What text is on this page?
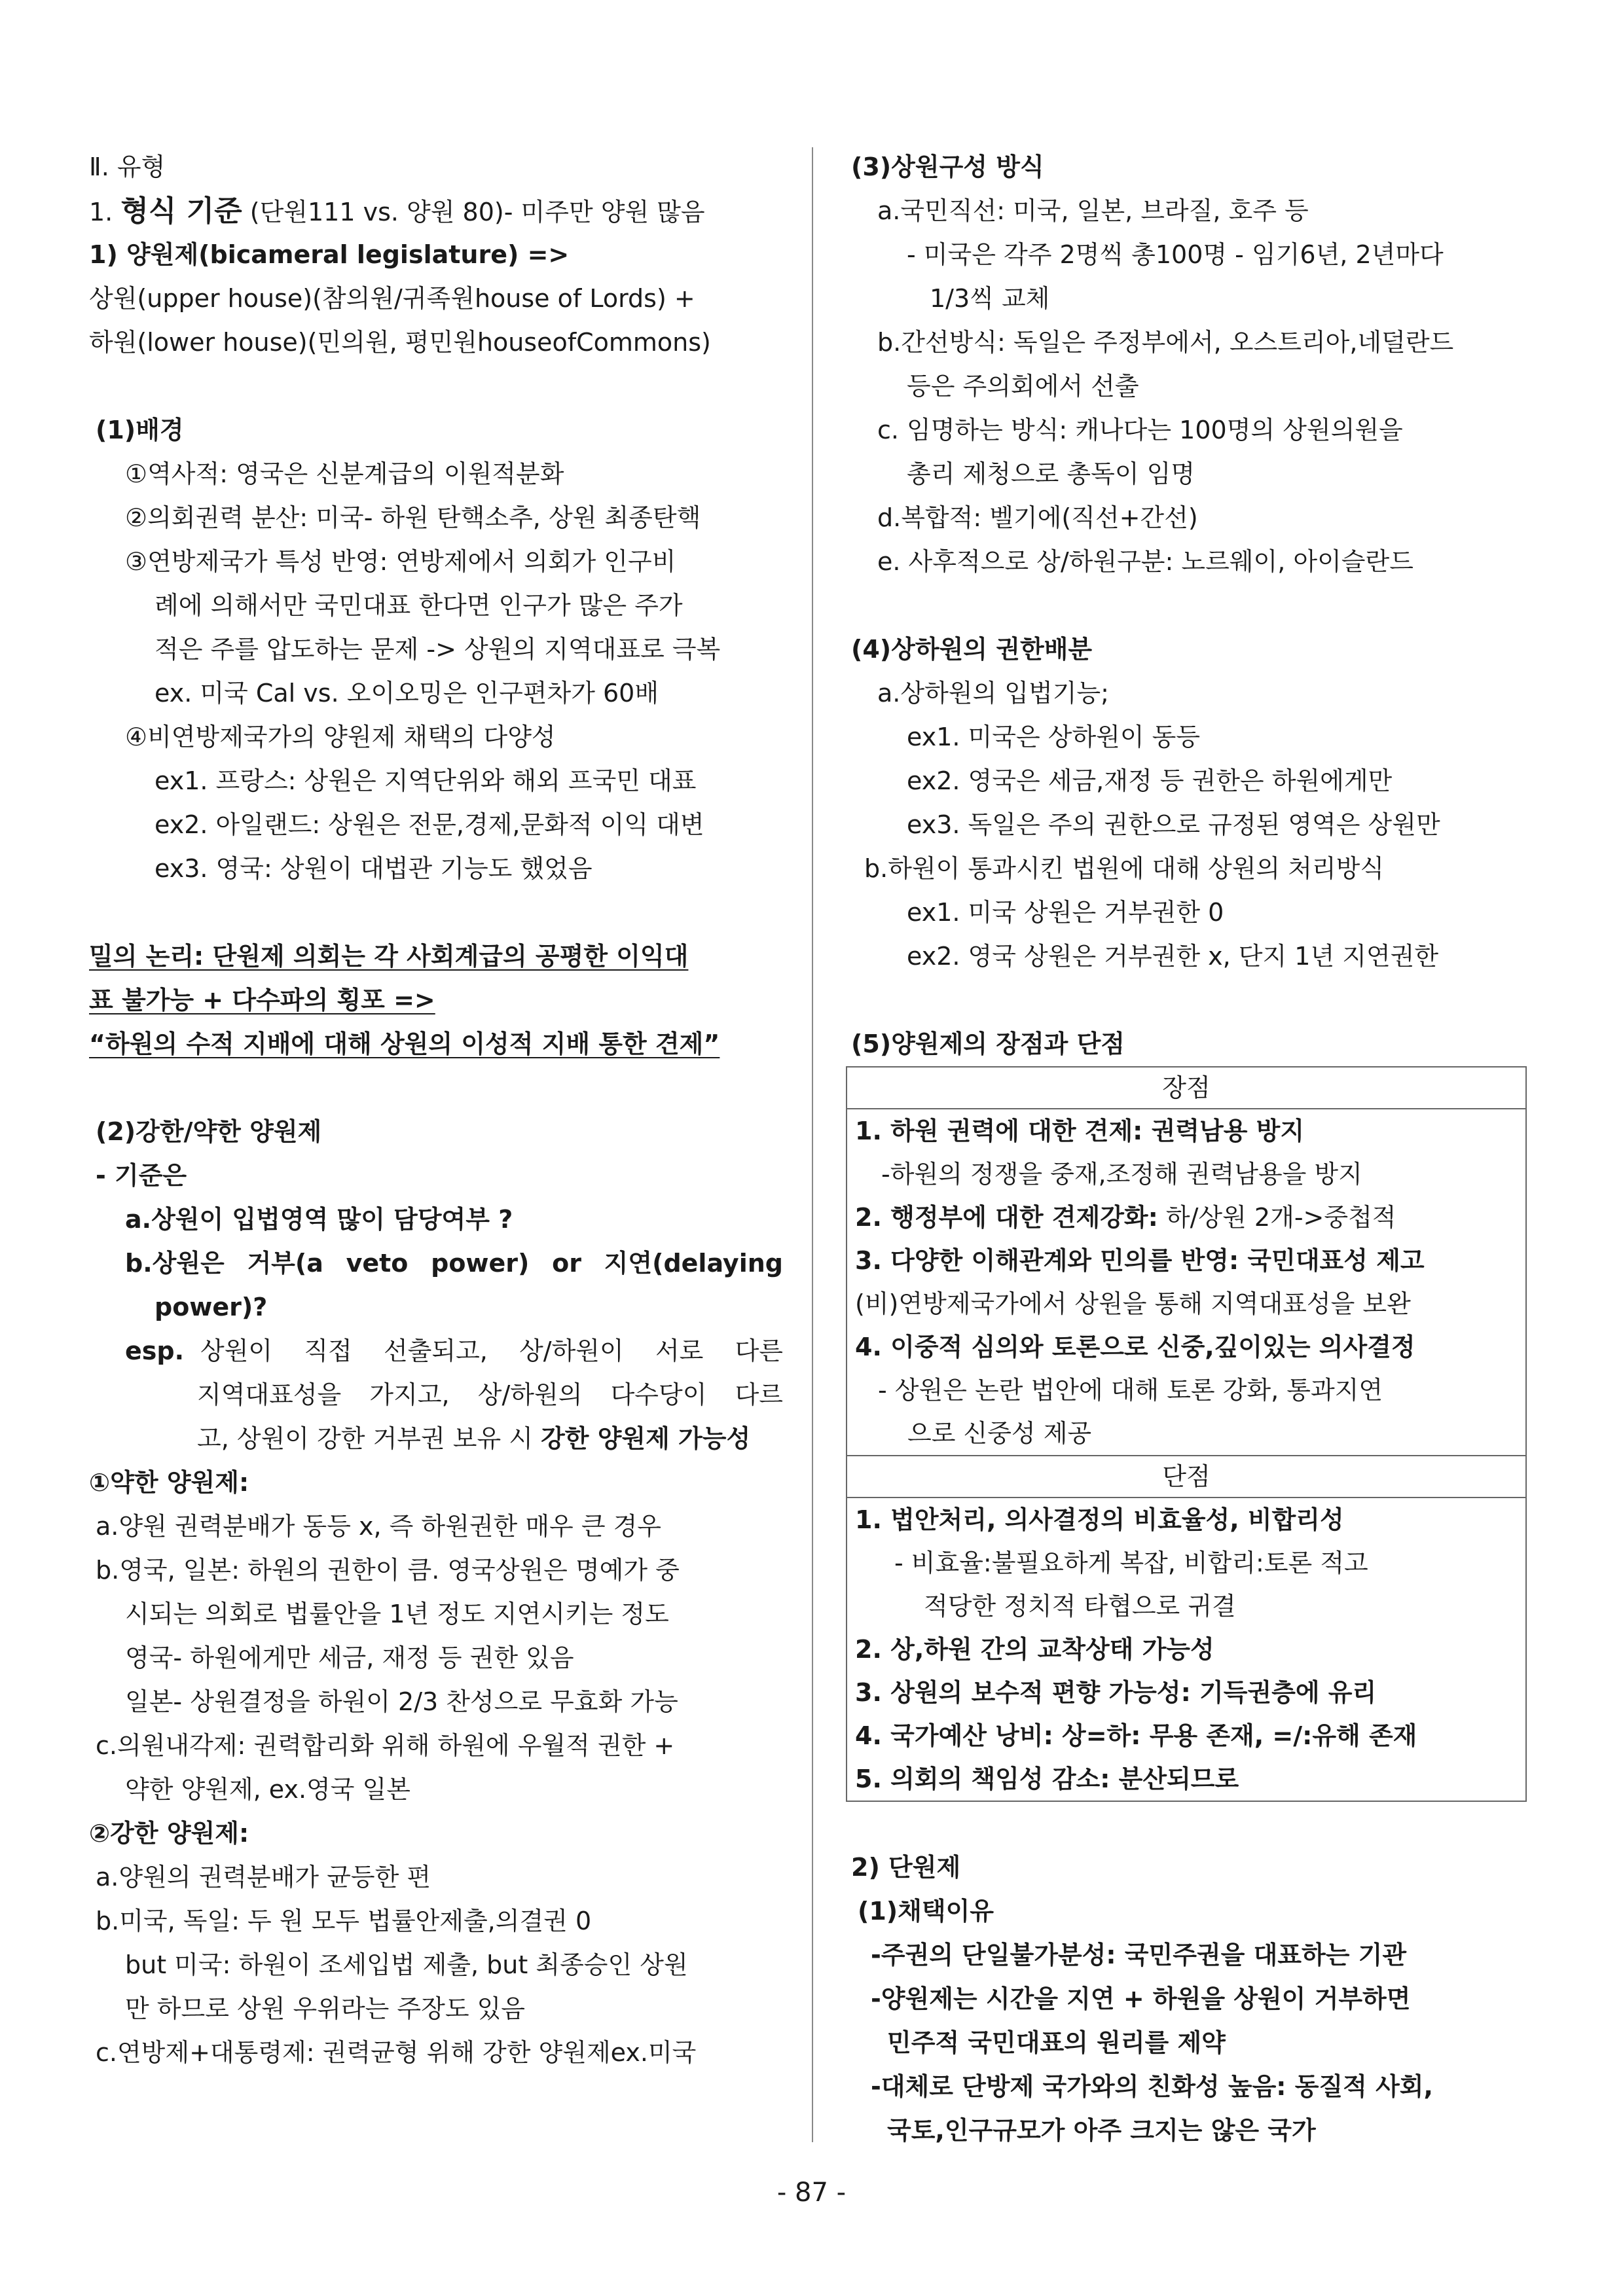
Ⅱ. 유형
1. 형식 기준 (단원111 vs. 양원 80)- 미주만 양원 많음
1) 양원제(bicameral legislature) =>
상원(upper house)(참의원/귀족원house of Lords) +
하원(lower house)(민의원, 평민원houseofCommons)
(1)배경
①역사적: 영국은 신분계급의 이원적분화
②의회권력 분산: 미국- 하원 탄핵소추, 상원 최종탄핵
③연방제국가 특성 반영: 연방제에서 의회가 인구비
례에 의해서만 국민대표 한다면 인구가 많은 주가
적은 주를 압도하는 문제 -> 상원의 지역대표로 극복
ex. 미국 Cal vs. 오이오밍은 인구편차가 60배
④비연방제국가의 양원제 채택의 다양성
ex1. 프랑스: 상원은 지역단위와 해외 프국민 대표
ex2. 아일랜드: 상원은 전문,경제,문화적 이익 대변
ex3. 영국: 상원이 대법관 기능도 했었음
밀의 논리: 단원제 의회는 각 사회계급의 공평한 이익대
표 불가능 + 다수파의 횡포 =>
“하원의 수적 지배에 대해 상원의 이성적 지배 통한 견제”
(2)강한/약한 양원제
- 기준은
a.상원이 입법영역 많이 담당여부 ?
b.상원은 거부(a veto power) or 지연(delaying
power)?
esp. 상원이 직접 선출되고, 상/하원이 서로 다른
지역대표성을 가지고, 상/하원의 다수당이 다르
고, 상원이 강한 거부권 보유 시 강한 양원제 가능성
①약한 양원제:
a.양원 권력분배가 동등 x, 즉 하원권한 매우 큰 경우
b.영국, 일본: 하원의 권한이 큼. 영국상원은 명예가 중
시되는 의회로 법률안을 1년 정도 지연시키는 정도
영국- 하원에게만 세금, 재정 등 권한 있음
일본- 상원결정을 하원이 2/3 찬성으로 무효화 가능
c.의원내각제: 권력합리화 위해 하원에 우월적 권한 +
약한 양원제, ex.영국 일본
②강한 양원제:
a.양원의 권력분배가 균등한 편
b.미국, 독일: 두 원 모두 법률안제출,의결권 0
but 미국: 하원이 조세입법 제출, but 최종승인 상원
만 하므로 상원 우위라는 주장도 있음
c.연방제+대통령제: 권력균형 위해 강한 양원제ex.미국
(3)상원구성 방식
a.국민직선: 미국, 일본, 브라질, 호주 등
- 미국은 각주 2명씩 총100명 - 임기6년, 2년마다
1/3씩 교체
b.간선방식: 독일은 주정부에서, 오스트리아,네덜란드
등은 주의회에서 선출
c. 임명하는 방식: 캐나다는 100명의 상원의원을
총리 제청으로 총독이 임명
d.복합적: 벨기에(직선+간선)
e. 사후적으로 상/하원구분: 노르웨이, 아이슬란드
(4)상하원의 권한배분
a.상하원의 입법기능;
ex1. 미국은 상하원이 동등
ex2. 영국은 세금,재정 등 권한은 하원에게만
ex3. 독일은 주의 권한으로 규정된 영역은 상원만
b.하원이 통과시킨 법원에 대해 상원의 처리방식
ex1. 미국 상원은 거부권한 0
ex2. 영국 상원은 거부권한 x, 단지 1년 지연권한
(5)양원제의 장점과 단점
장점

1. 하원 권력에 대한 견제: 권력남용 방지
-하원의 정쟁을 중재,조정해 권력남용을 방지
2. 행정부에 대한 견제강화: 하/상원 2개->중첩적
3. 다양한 이해관계와 민의를 반영: 국민대표성 제고
(비)연방제국가에서 상원을 통해 지역대표성을 보완
4. 이중적 심의와 토론으로 신중,깊이있는 의사결정
- 상원은 논란 법안에 대해 토론 강화, 통과지연
으로 신중성 제공

단점

1. 법안처리, 의사결정의 비효율성, 비합리성
- 비효율:불필요하게 복잡, 비합리:토론 적고
적당한 정치적 타협으로 귀결
2. 상,하원 간의 교착상태 가능성
3. 상원의 보수적 편향 가능성: 기득권층에 유리
4. 국가예산 낭비: 상=하: 무용 존재, =/:유해 존재
5. 의회의 책임성 감소: 분산되므로
2) 단원제
(1)채택이유
-주권의 단일불가분성: 국민주권을 대표하는 기관
-양원제는 시간을 지연 + 하원을 상원이 거부하면
민주적 국민대표의 원리를 제약
-대체로 단방제 국가와의 친화성 높음: 동질적 사회,
국토,인구규모가 아주 크지는 않은 국가
- 87 -
